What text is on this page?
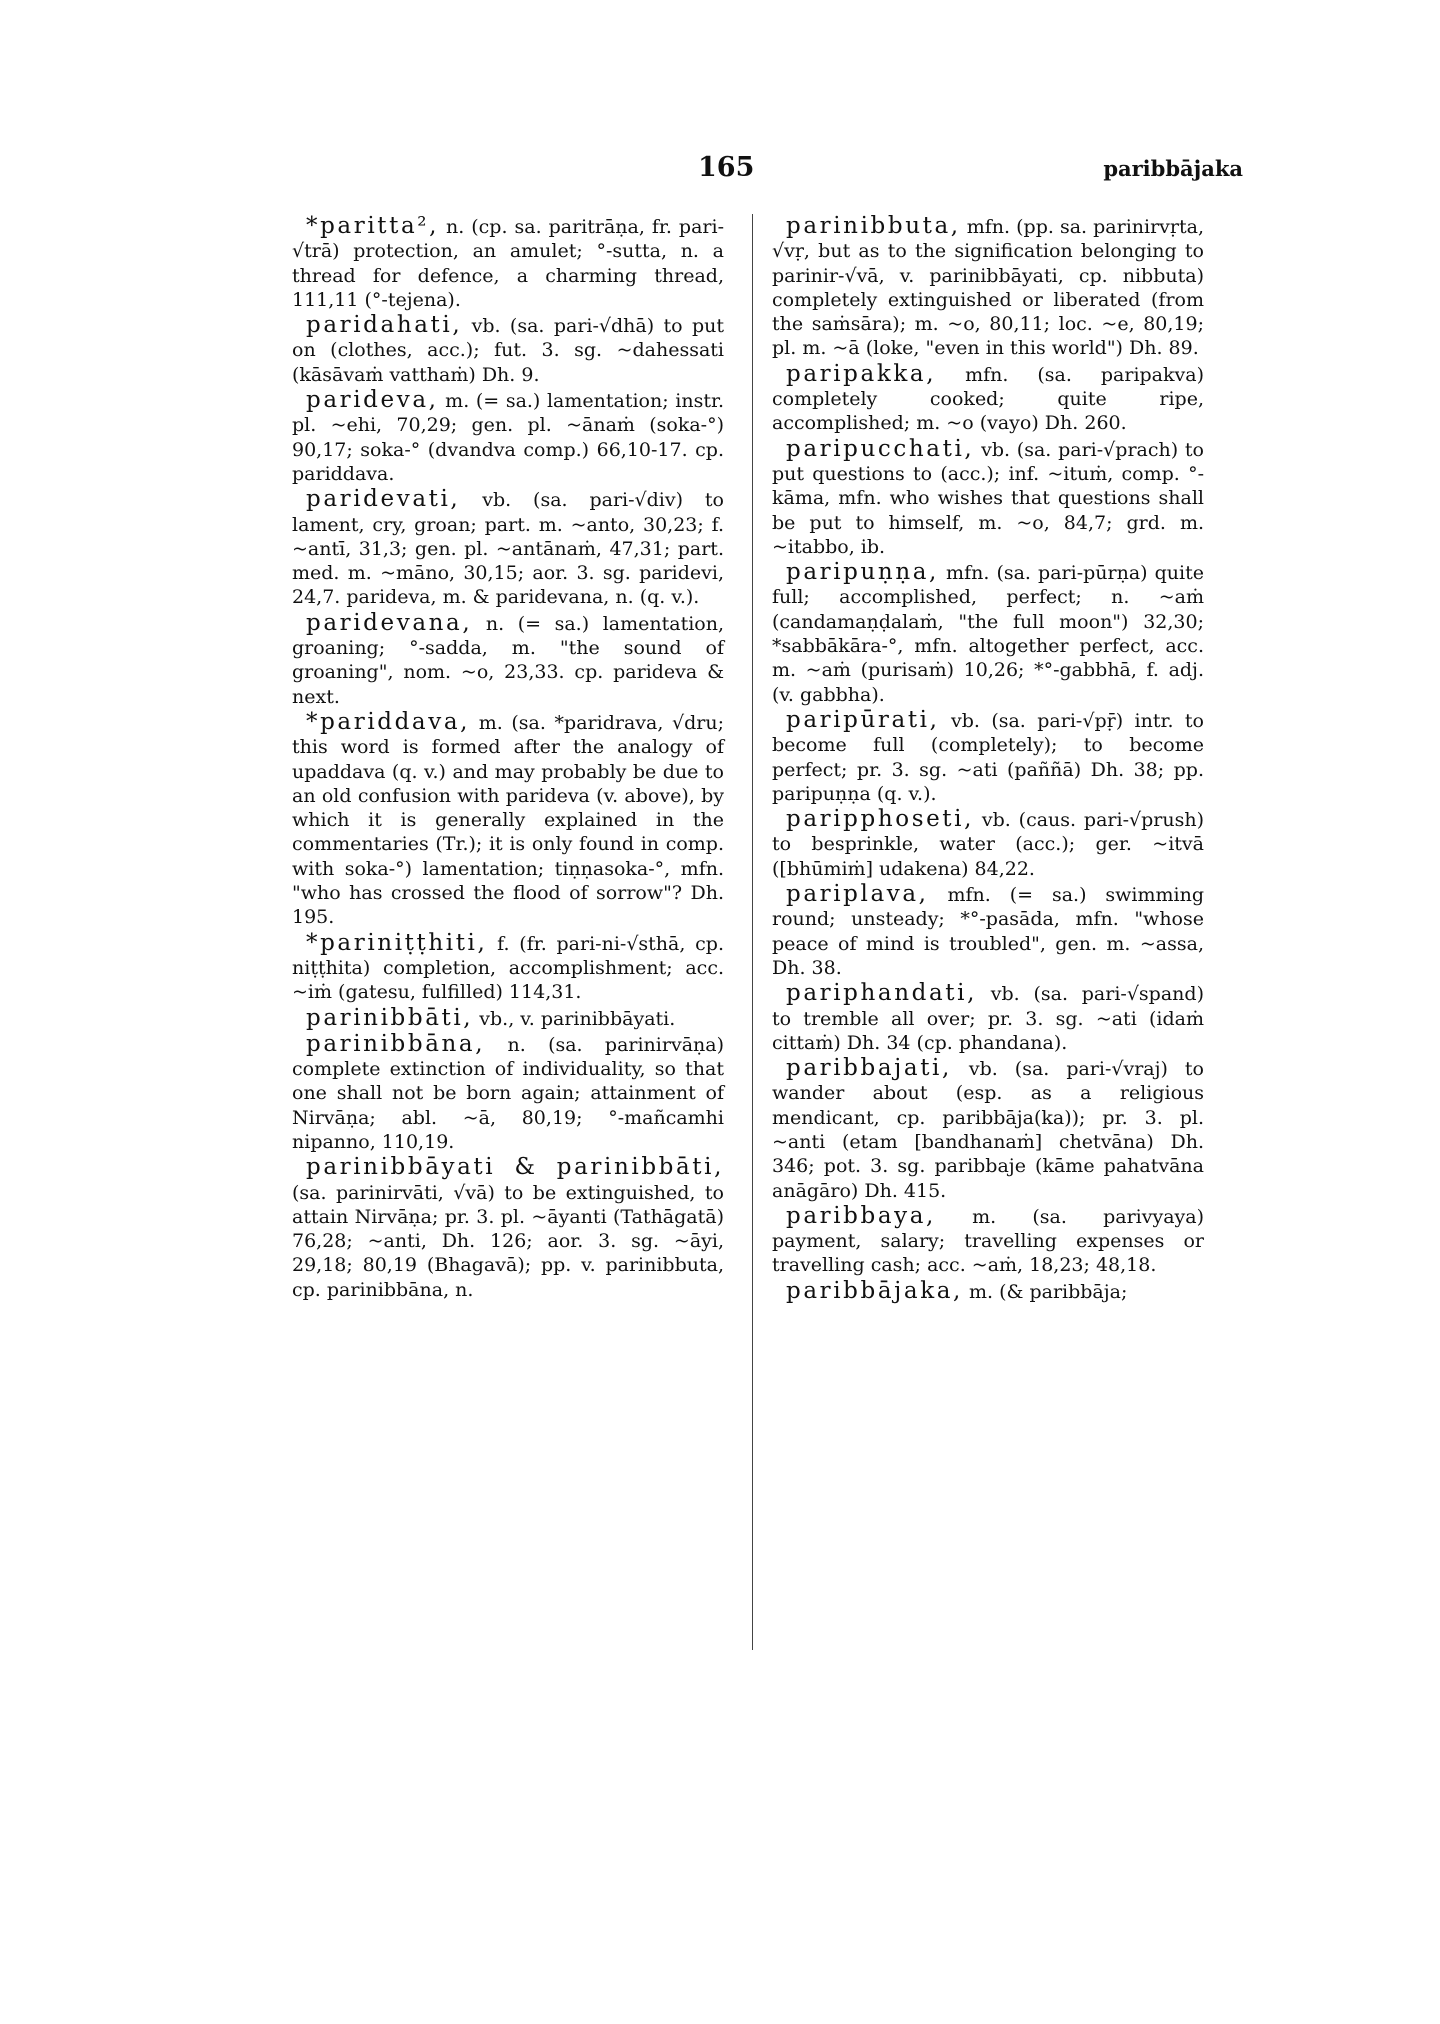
165	paribbājaka

*paritta², n. (cp. sa. paritrāṇa, fr. pari-√trā) protection, an amulet; °-sutta, n. a thread for defence, a charming thread, 111,11 (°-tejena).

paridahati, vb. (sa. pari-√dhā) to put on (clothes, acc.); fut. 3. sg. ~dahessati (kāsāvaṁ vatthaṁ) Dh. 9.

parideva, m. (= sa.) lamentation; instr. pl. ~ehi, 70,29; gen. pl. ~ānaṁ (soka-°) 90,17; soka-° (dvandva comp.) 66,10-17. cp. pariddava.

paridevati, vb. (sa. pari-√div) to lament, cry, groan; part. m. ~anto, 30,23; f. ~antī, 31,3; gen. pl. ~antānaṁ, 47,31; part. med. m. ~māno, 30,15; aor. 3. sg. paridevi, 24,7. parideva, m. & paridevana, n. (q. v.).

paridevana, n. (= sa.) lamentation, groaning; °-sadda, m. "the sound of groaning", nom. ~o, 23,33. cp. parideva & next.

*pariddava, m. (sa. *paridrava, √dru; this word is formed after the analogy of upaddava (q. v.) and may probably be due to an old confusion with parideva (v. above), by which it is generally explained in the commentaries (Tr.); it is only found in comp. with soka-°) lamentation; tiṇṇasoka-°, mfn. "who has crossed the flood of sorrow"? Dh. 195.

*pariniṭṭhiti, f. (fr. pari-ni-√sthā, cp. niṭṭhita) completion, accomplishment; acc. ~iṁ (gatesu, fulfilled) 114,31.

parinibbāti, vb., v. parinibbāyati.

parinibbāna, n. (sa. parinirvāṇa) complete extinction of individuality, so that one shall not be born again; attainment of Nirvāṇa; abl. ~ā, 80,19; °-mañcamhi nipanno, 110,19.

parinibbāyati & parinibbāti, (sa. parinirvāti, √vā) to be extinguished, to attain Nirvāṇa; pr. 3. pl. ~āyanti (Tathāgatā) 76,28; ~anti, Dh. 126; aor. 3. sg. ~āyi, 29,18; 80,19 (Bhagavā); pp. v. parinibbuta, cp. parinibbāna, n.

parinibbuta, mfn. (pp. sa. parinirvṛta, √vṛ, but as to the signification belonging to parinir-√vā, v. parinibbāyati, cp. nibbuta) completely extinguished or liberated (from the saṁsāra); m. ~o, 80,11; loc. ~e, 80,19; pl. m. ~ā (loke, "even in this world") Dh. 89.

paripakka, mfn. (sa. paripakva) completely cooked; quite ripe, accomplished; m. ~o (vayo) Dh. 260.

paripucchati, vb. (sa. pari-√prach) to put questions to (acc.); inf. ~ituṁ, comp. °-kāma, mfn. who wishes that questions shall be put to himself, m. ~o, 84,7; grd. m. ~itabbo, ib.

paripuṇṇa, mfn. (sa. pari-pūrṇa) quite full; accomplished, perfect; n. ~aṁ (candamaṇḍalaṁ, "the full moon") 32,30; *sabbākāra-°, mfn. altogether perfect, acc. m. ~aṁ (purisaṁ) 10,26; *°-gabbhā, f. adj. (v. gabbha).

paripūrati, vb. (sa. pari-√pṝ) intr. to become full (completely); to become perfect; pr. 3. sg. ~ati (paññā) Dh. 38; pp. paripuṇṇa (q. v.).

paripphoseti, vb. (caus. pari-√prush) to besprinkle, water (acc.); ger. ~itvā ([bhūmiṁ] udakena) 84,22.

pariplava, mfn. (= sa.) swimming round; unsteady; *°-pasāda, mfn. "whose peace of mind is troubled", gen. m. ~assa, Dh. 38.

pariphandati, vb. (sa. pari-√spand) to tremble all over; pr. 3. sg. ~ati (idaṁ cittaṁ) Dh. 34 (cp. phandana).

paribbajati, vb. (sa. pari-√vraj) to wander about (esp. as a religious mendicant, cp. paribbāja(ka)); pr. 3. pl. ~anti (etam [bandhanaṁ] chetvāna) Dh. 346; pot. 3. sg. paribbaje (kāme pahatvāna anāgāro) Dh. 415.

paribbaya, m. (sa. parivyaya) payment, salary; travelling expenses or travelling cash; acc. ~aṁ, 18,23; 48,18.

paribbājaka, m. (& paribbāja;
